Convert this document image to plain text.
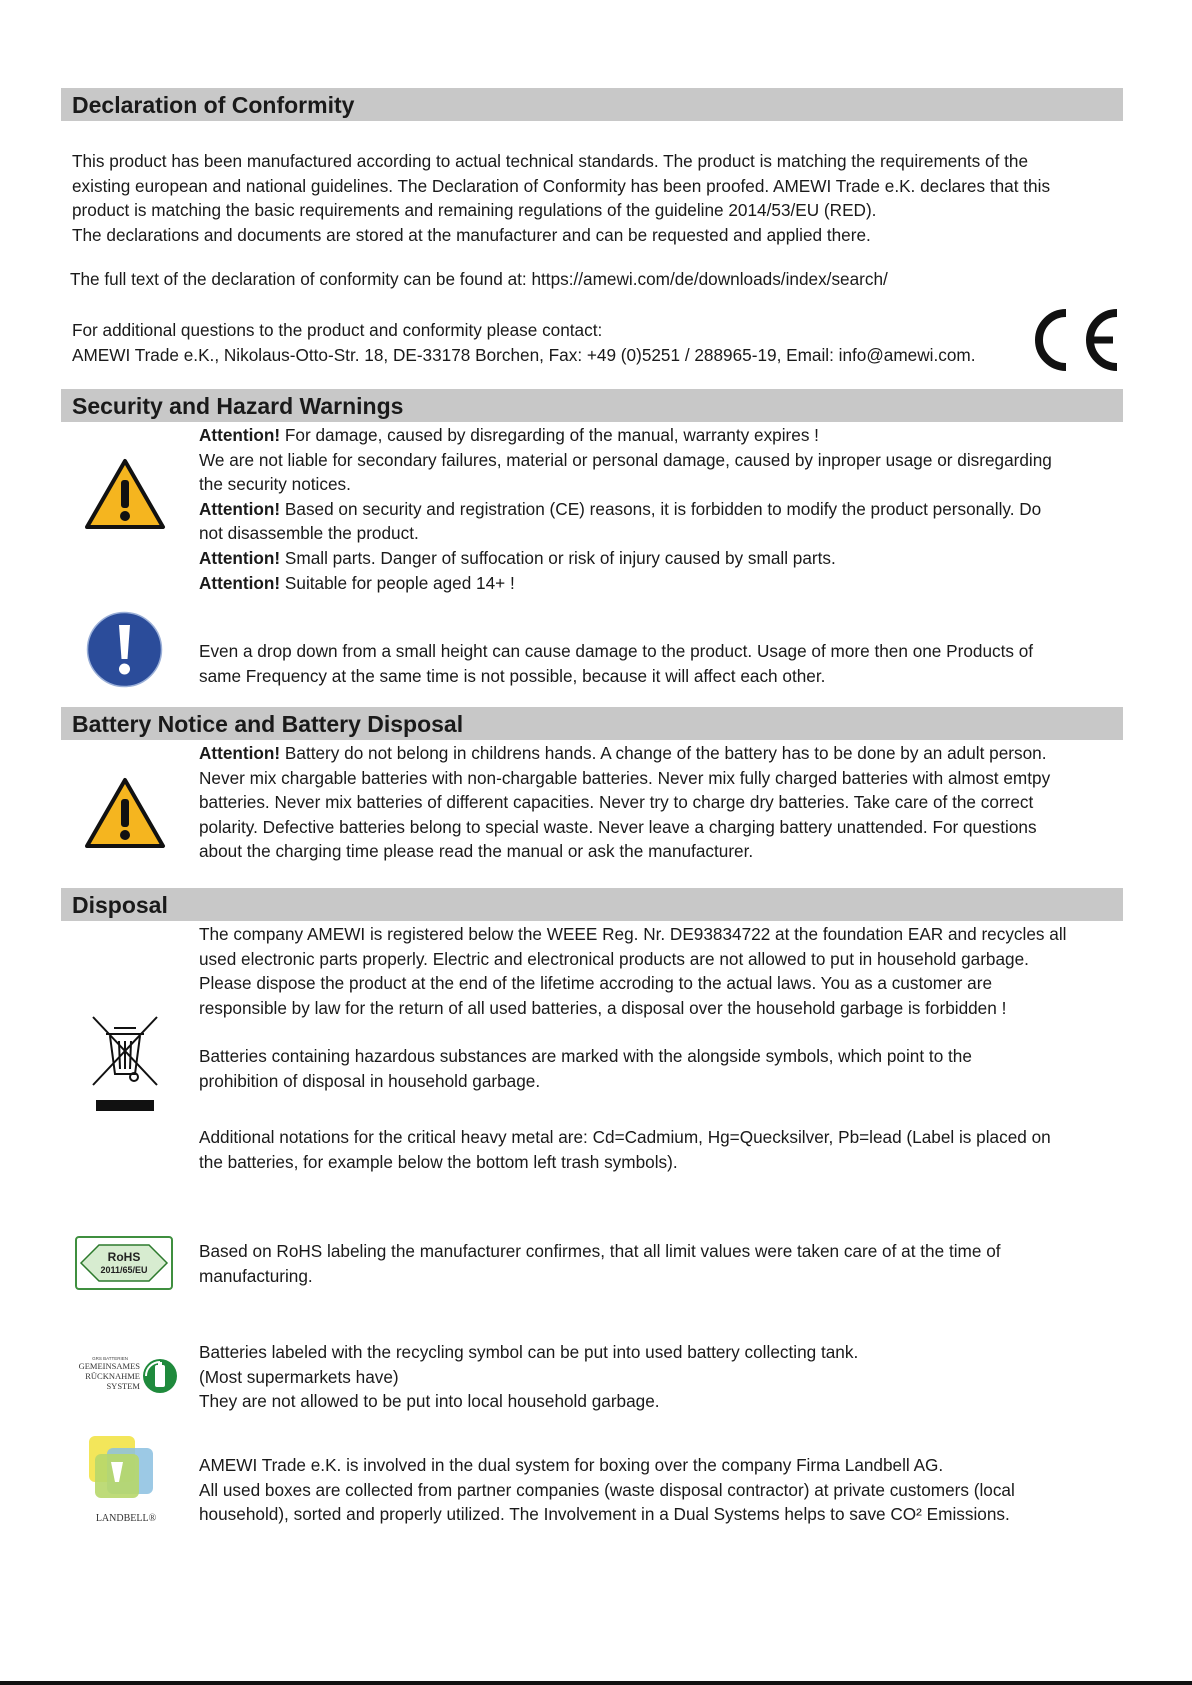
Declaration of Conformity
This product has been manufactured according to actual technical standards. The product is matching the requirements of the
existing european and national guidelines. The Declaration of Conformity has been proofed. AMEWI Trade e.K. declares that this
product is matching the basic requirements and remaining regulations of the guideline 2014/53/EU (RED).
The declarations and documents are stored at the manufacturer and can be requested and applied there.
The full text of the declaration of conformity can be found at: https://amewi.com/de/downloads/index/search/
For additional questions to the product and conformity please contact:
AMEWI Trade e.K., Nikolaus-Otto-Str. 18, DE-33178 Borchen, Fax: +49 (0)5251 / 288965-19, Email: info@amewi.com.
Security and Hazard Warnings
Attention! For damage, caused by disregarding of the manual, warranty expires !
We are not liable for secondary failures, material or personal damage, caused by inproper usage or disregarding
the security notices.
Attention! Based on security and registration (CE) reasons, it is forbidden to modify the product personally. Do
not disassemble the product.
Attention! Small parts. Danger of suffocation or risk of injury caused by small parts.
Attention! Suitable for people aged 14+ !
Even a drop down from a small height can cause damage to the product. Usage of more then one Products of
same Frequency at the same time is not possible, because it will affect each other.
Battery Notice and Battery Disposal
Attention! Battery do not belong in childrens hands. A change of the battery has to be done by an adult person.
Never mix chargable batteries with non-chargable batteries. Never mix fully charged batteries with almost emtpy
batteries. Never mix batteries of different capacities. Never try to charge dry batteries. Take care of the correct
polarity. Defective batteries belong to special waste. Never leave a charging battery unattended. For questions
about the charging time please read the manual or ask the manufacturer.
Disposal
The company AMEWI is registered below the WEEE Reg. Nr. DE93834722 at the foundation EAR and recycles all
used electronic parts properly. Electric and electronical products are not allowed to put in household garbage.
Please dispose the product at the end of the lifetime accroding to the actual laws. You as a customer are
responsible by law for the return of all used batteries, a disposal over the household garbage is forbidden !
Batteries containing hazardous substances are marked with the alongside symbols, which point to the
prohibition of disposal in household garbage.
Additional notations for the critical heavy metal are: Cd=Cadmium, Hg=Quecksilver, Pb=lead (Label is placed on
the batteries, for example below the bottom left trash symbols).
RoHS
2011/65/EU
Based on RoHS labeling the manufacturer confirmes, that all limit values were taken care of at the time of
manufacturing.
GRS BATTERIEN
GEMEINSAMES
RÜCKNAHME
SYSTEM
Batteries labeled with the recycling symbol can be put into used battery collecting tank.
(Most supermarkets have)
They are not allowed to be put into local household garbage.
LANDBELL®
AMEWI Trade e.K. is involved in the dual system for boxing over the company Firma Landbell AG.
All used boxes are collected from partner companies (waste disposal contractor) at private customers (local
household), sorted and properly utilized. The Involvement in a Dual Systems helps to save CO² Emissions.
